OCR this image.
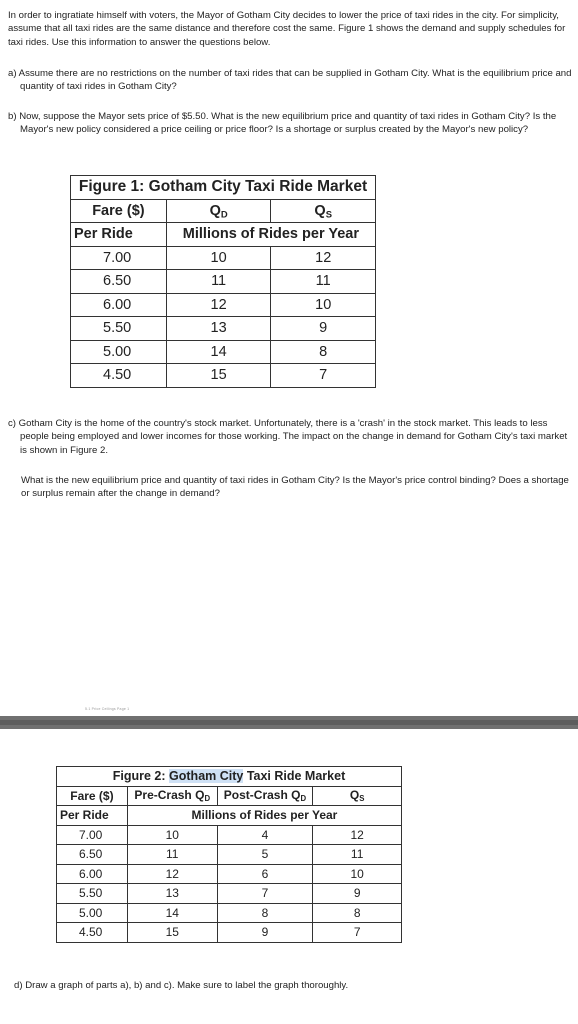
In order to ingratiate himself with voters, the Mayor of Gotham City decides to lower the price of taxi rides in the city. For simplicity, assume that all taxi rides are the same distance and therefore cost the same. Figure 1 shows the demand and supply schedules for taxi rides. Use this information to answer the questions below.

a) Assume there are no restrictions on the number of taxi rides that can be supplied in Gotham City. What is the equilibrium price and quantity of taxi rides in Gotham City?

b) Now, suppose the Mayor sets price of $5.50. What is the new equilibrium price and quantity of taxi rides in Gotham City? Is the Mayor's new policy considered a price ceiling or price floor? Is a shortage or surplus created by the Mayor's new policy?

Figure 1: Gotham City Taxi Ride Market		
Fare ($)	$Q_D$	$Q_S$
Per Ride	Millions of Rides per Year	
7.00	10	12
6.50	11	11
6.00	12	10
5.50	13	9
5.00	14	8
4.50	15	7

c) Gotham City is the home of the country's stock market. Unfortunately, there is a 'crash' in the stock market. This leads to less people being employed and lower incomes for those working. The impact on the change in demand for Gotham City's taxi market is shown in Figure 2.

What is the new equilibrium price and quantity of taxi rides in Gotham City? Is the Mayor's price control binding? Does a shortage or surplus remain after the change in demand?

5.1 Price Ceilings Page 1
Figure 2: Gotham City Taxi Ride Market			
Fare ($)	Pre-Crash $Q_D$	Post-Crash $Q_D$	$Q_S$
Per Ride	Millions of Rides per Year		
7.00	10	4	12
6.50	11	5	11
6.00	12	6	10
5.50	13	7	9
5.00	14	8	8
4.50	15	9	7

d) Draw a graph of parts a), b) and c). Make sure to label the graph thoroughly.
